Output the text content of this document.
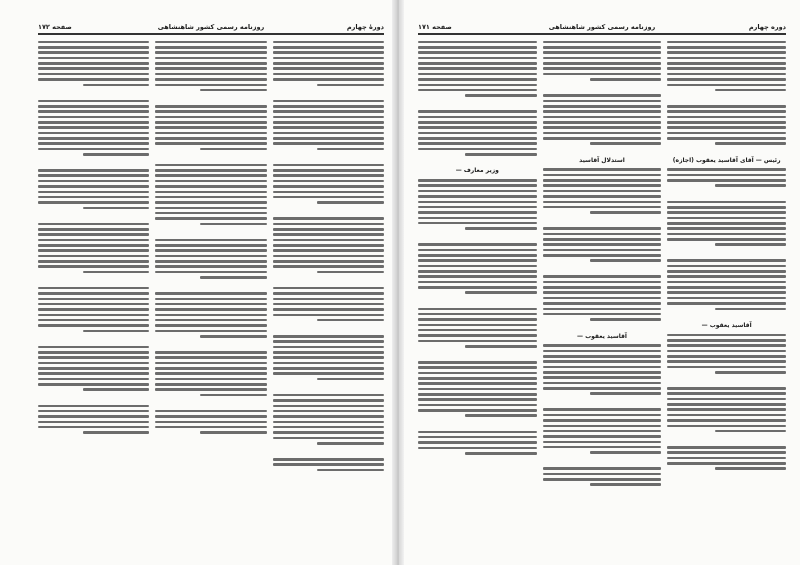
دورهٔ چهارم
روزنامه رسمی کشور شاهنشاهی
صفحه ۱۷۲	دوره چهارم
روزنامه رسمی کشور شاهنشاهی
صفحه ۱۷۱
رئیس — آقای آقاسید یعقوب (اجازه)
آقاسید یعقوب —
استدلال آقاسید
آقاسید یعقوب —
وزیر معارف —
